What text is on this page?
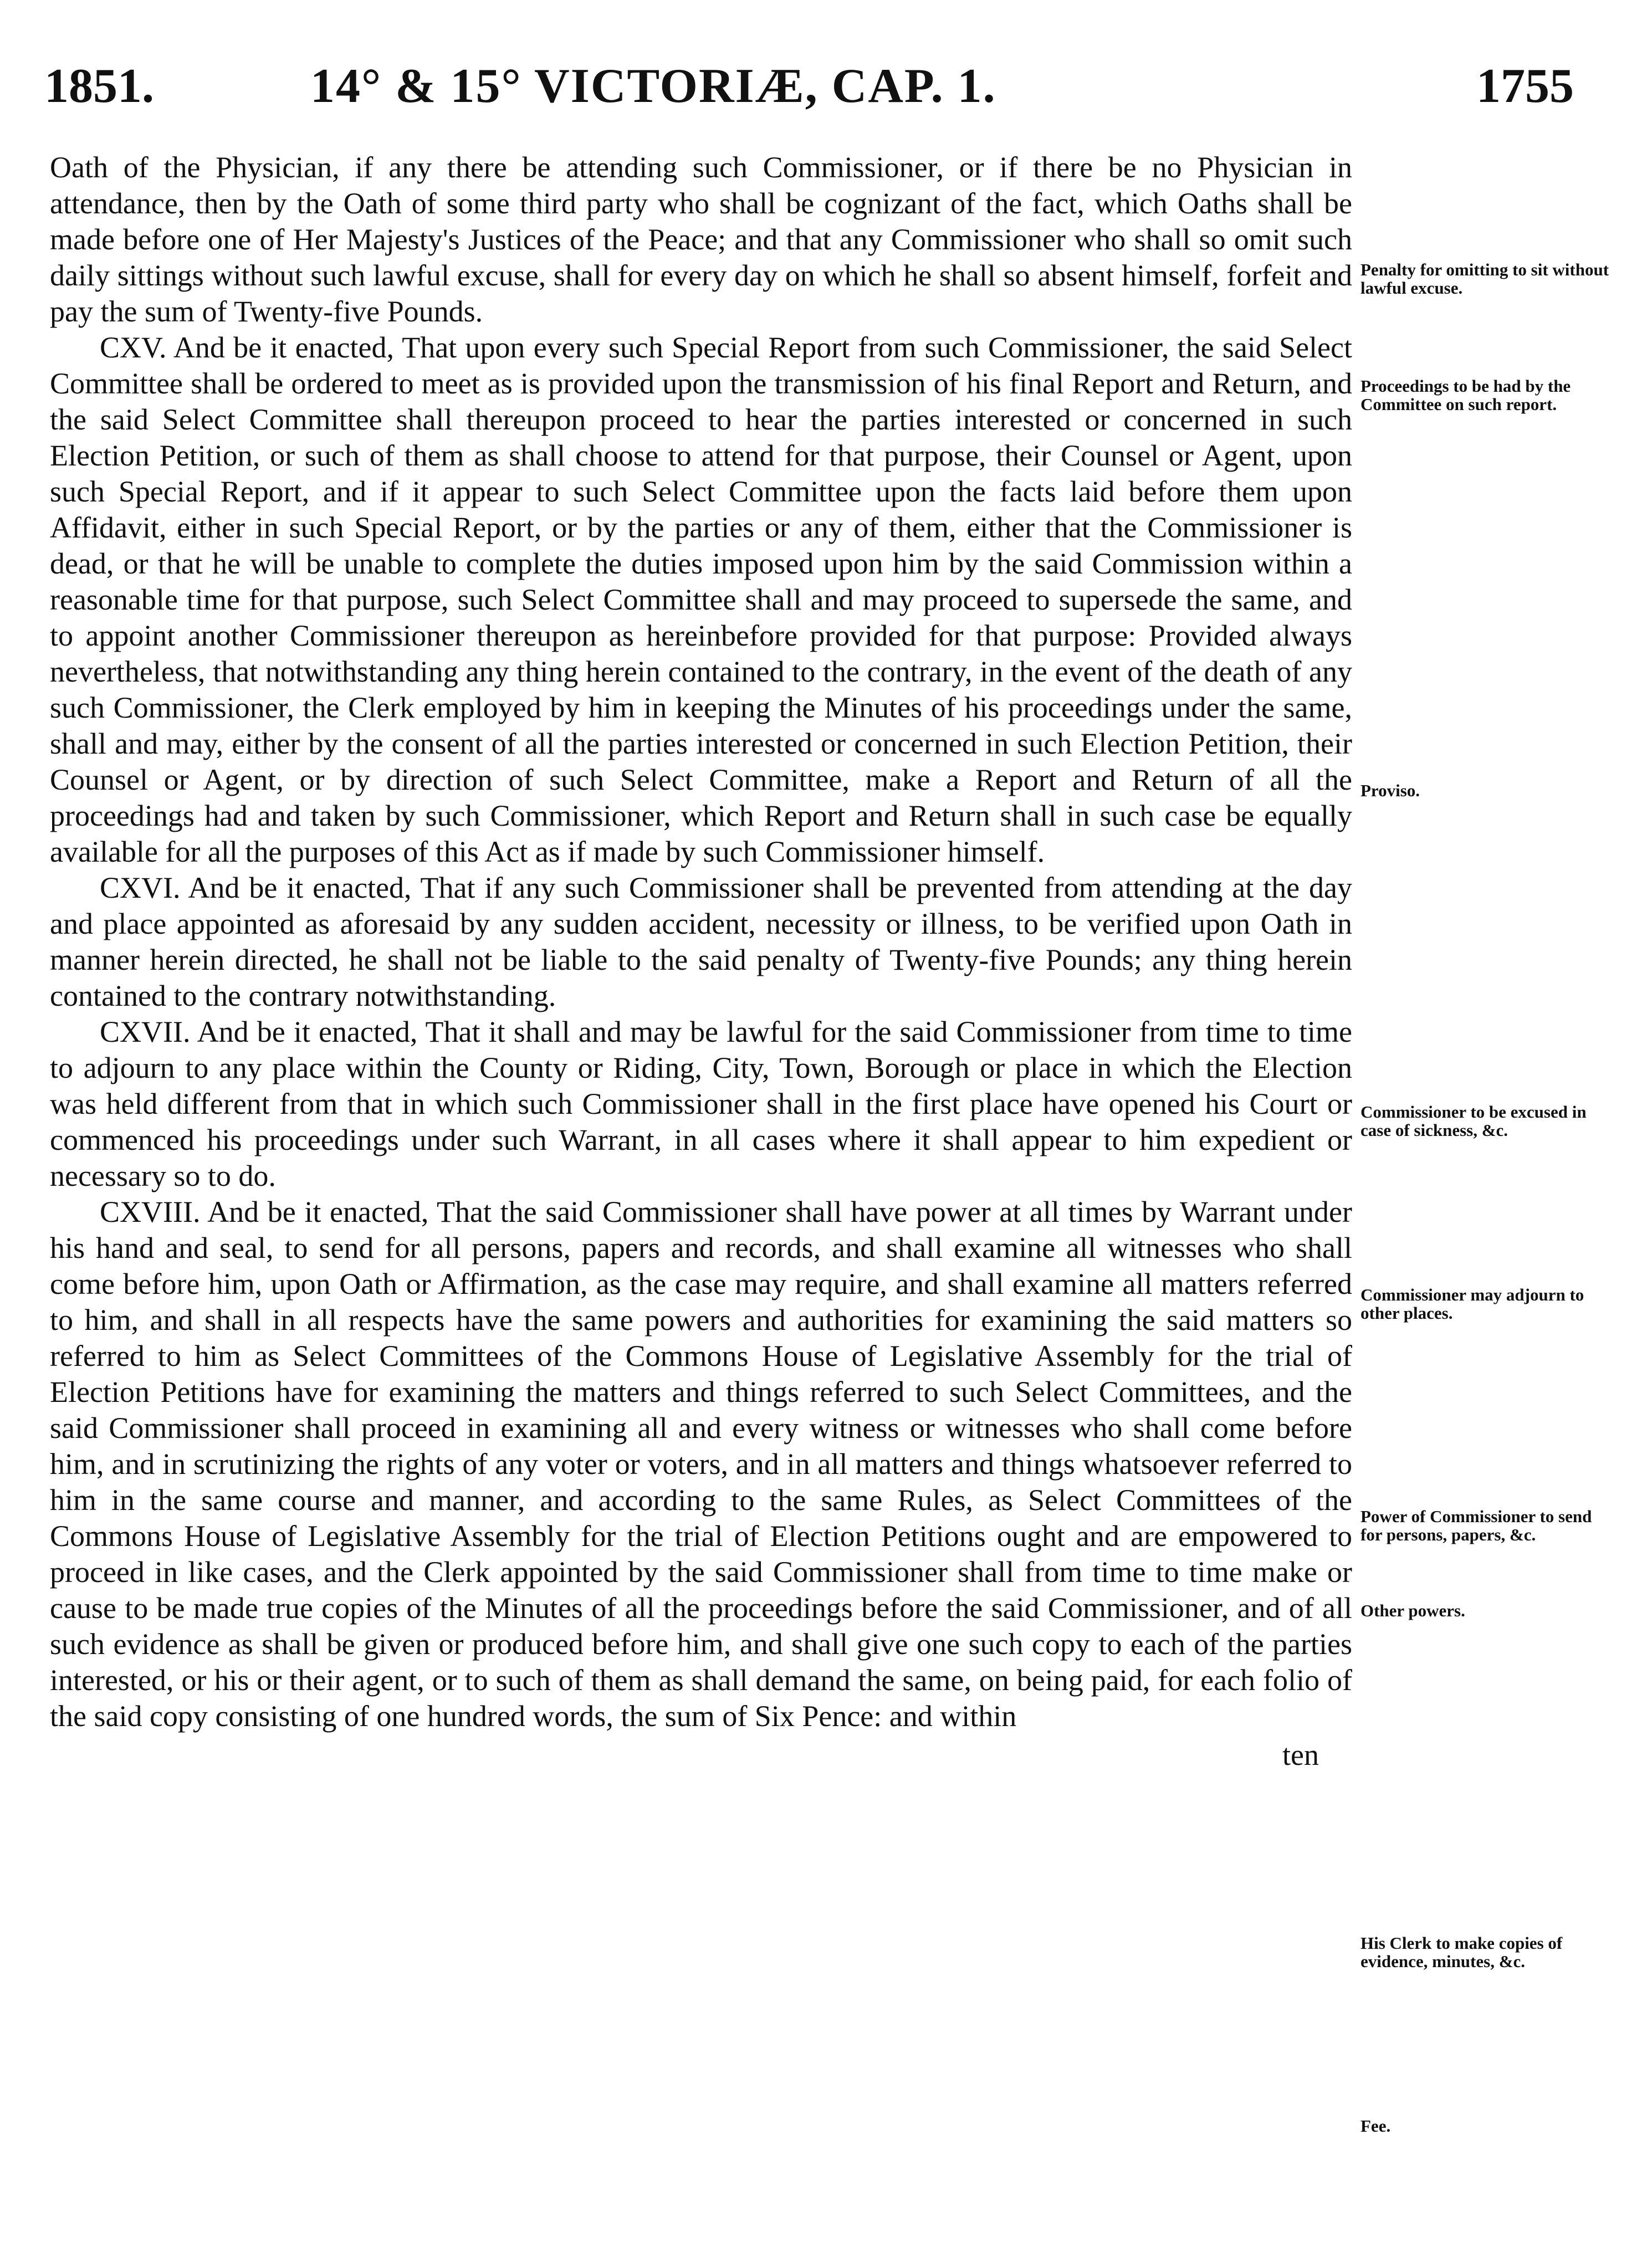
1851.	14° & 15° VICTORIÆ, CAP. 1.	1755

Oath of the Physician, if any there be attending such Commissioner, or if there be no Physician in attendance, then by the Oath of some third party who shall be cognizant of the fact, which Oaths shall be made before one of Her Majesty's Justices of the Peace; and that any Commissioner who shall so omit such daily sittings without such lawful excuse, shall for every day on which he shall so absent himself, forfeit and pay the sum of Twenty-five Pounds.

CXV. And be it enacted, That upon every such Special Report from such Commissioner, the said Select Committee shall be ordered to meet as is provided upon the transmission of his final Report and Return, and the said Select Committee shall thereupon proceed to hear the parties interested or concerned in such Election Petition, or such of them as shall choose to attend for that purpose, their Counsel or Agent, upon such Special Report, and if it appear to such Select Committee upon the facts laid before them upon Affidavit, either in such Special Report, or by the parties or any of them, either that the Commissioner is dead, or that he will be unable to complete the duties imposed upon him by the said Commission within a reasonable time for that purpose, such Select Committee shall and may proceed to supersede the same, and to appoint another Commissioner thereupon as hereinbefore provided for that purpose: Provided always nevertheless, that notwithstanding any thing herein contained to the contrary, in the event of the death of any such Commissioner, the Clerk employed by him in keeping the Minutes of his proceedings under the same, shall and may, either by the consent of all the parties interested or concerned in such Election Petition, their Counsel or Agent, or by direction of such Select Committee, make a Report and Return of all the proceedings had and taken by such Commissioner, which Report and Return shall in such case be equally available for all the purposes of this Act as if made by such Commissioner himself.

CXVI. And be it enacted, That if any such Commissioner shall be prevented from attending at the day and place appointed as aforesaid by any sudden accident, necessity or illness, to be verified upon Oath in manner herein directed, he shall not be liable to the said penalty of Twenty-five Pounds; any thing herein contained to the contrary notwithstanding.

CXVII. And be it enacted, That it shall and may be lawful for the said Commissioner from time to time to adjourn to any place within the County or Riding, City, Town, Borough or place in which the Election was held different from that in which such Commissioner shall in the first place have opened his Court or commenced his proceedings under such Warrant, in all cases where it shall appear to him expedient or necessary so to do.

CXVIII. And be it enacted, That the said Commissioner shall have power at all times by Warrant under his hand and seal, to send for all persons, papers and records, and shall examine all witnesses who shall come before him, upon Oath or Affirmation, as the case may require, and shall examine all matters referred to him, and shall in all respects have the same powers and authorities for examining the said matters so referred to him as Select Committees of the Commons House of Legislative Assembly for the trial of Election Petitions have for examining the matters and things referred to such Select Committees, and the said Commissioner shall proceed in examining all and every witness or witnesses who shall come before him, and in scrutinizing the rights of any voter or voters, and in all matters and things whatsoever referred to him in the same course and manner, and according to the same Rules, as Select Committees of the Commons House of Legislative Assembly for the trial of Election Petitions ought and are empowered to proceed in like cases, and the Clerk appointed by the said Commissioner shall from time to time make or cause to be made true copies of the Minutes of all the proceedings before the said Commissioner, and of all such evidence as shall be given or produced before him, and shall give one such copy to each of the parties interested, or his or their agent, or to such of them as shall demand the same, on being paid, for each folio of the said copy consisting of one hundred words, the sum of Six Pence: and within

ten
Penalty for omitting to sit without lawful excuse.
Proceedings to be had by the Committee on such report.
Proviso.
Commissioner to be excused in case of sickness, &c.
Commissioner may adjourn to other places.
Power of Commissioner to send for persons, papers, &c.
Other powers.
His Clerk to make copies of evidence, minutes, &c.
Fee.
